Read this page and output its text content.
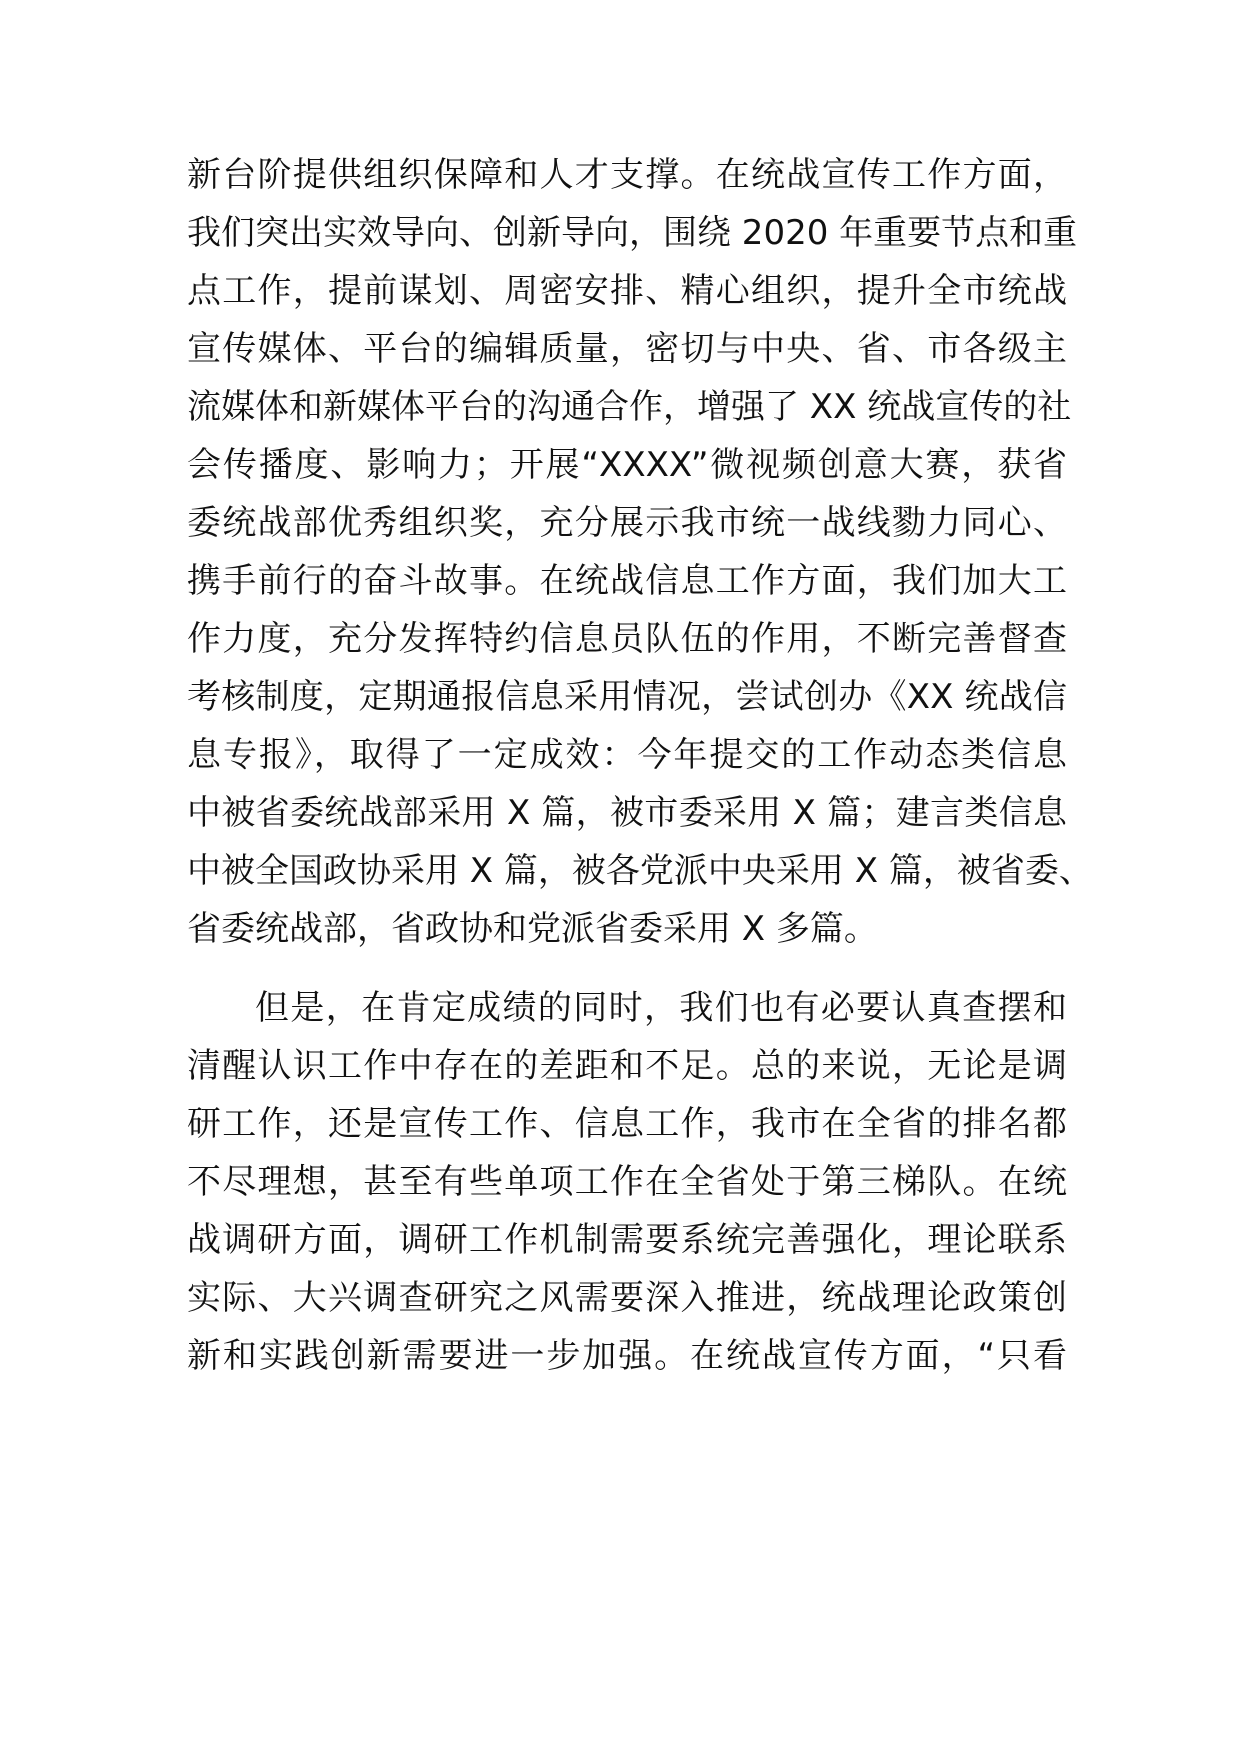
新台阶提供组织保障和人才支撑。在统战宣传工作方面，
我们突出实效导向、创新导向，围绕 2020 年重要节点和重
点工作，提前谋划、周密安排、精心组织，提升全市统战
宣传媒体、平台的编辑质量，密切与中央、省、市各级主
流媒体和新媒体平台的沟通合作，增强了 XX 统战宣传的社
会传播度、影响力；开展“XXXX”微视频创意大赛，获省
委统战部优秀组织奖，充分展示我市统一战线勠力同心、
携手前行的奋斗故事。在统战信息工作方面，我们加大工
作力度，充分发挥特约信息员队伍的作用，不断完善督查
考核制度，定期通报信息采用情况，尝试创办《XX 统战信
息专报》，取得了一定成效：今年提交的工作动态类信息
中被省委统战部采用 X 篇，被市委采用 X 篇；建言类信息
中被全国政协采用 X 篇，被各党派中央采用 X 篇，被省委、
省委统战部，省政协和党派省委采用 X 多篇。
但是，在肯定成绩的同时，我们也有必要认真查摆和
清醒认识工作中存在的差距和不足。总的来说，无论是调
研工作，还是宣传工作、信息工作，我市在全省的排名都
不尽理想，甚至有些单项工作在全省处于第三梯队。在统
战调研方面，调研工作机制需要系统完善强化，理论联系
实际、大兴调查研究之风需要深入推进，统战理论政策创
新和实践创新需要进一步加强。在统战宣传方面，“只看
